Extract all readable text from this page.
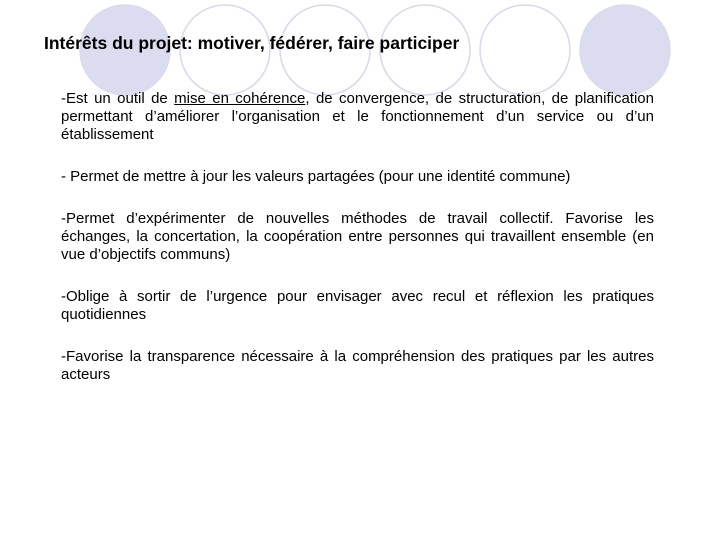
Intérêts du projet: motiver, fédérer, faire participer

-Est un outil de mise en cohérence, de convergence, de structuration, de planification permettant d’améliorer l’organisation et le fonctionnement d’un service ou d’un établissement

- Permet de mettre à jour les valeurs partagées (pour une identité commune)

-Permet d’expérimenter de nouvelles méthodes de travail collectif. Favorise les échanges, la concertation, la coopération entre personnes qui travaillent ensemble (en vue d’objectifs communs)

-Oblige à sortir de l’urgence pour envisager avec recul et réflexion les pratiques quotidiennes

-Favorise la transparence nécessaire à la compréhension des pratiques par les autres acteurs
